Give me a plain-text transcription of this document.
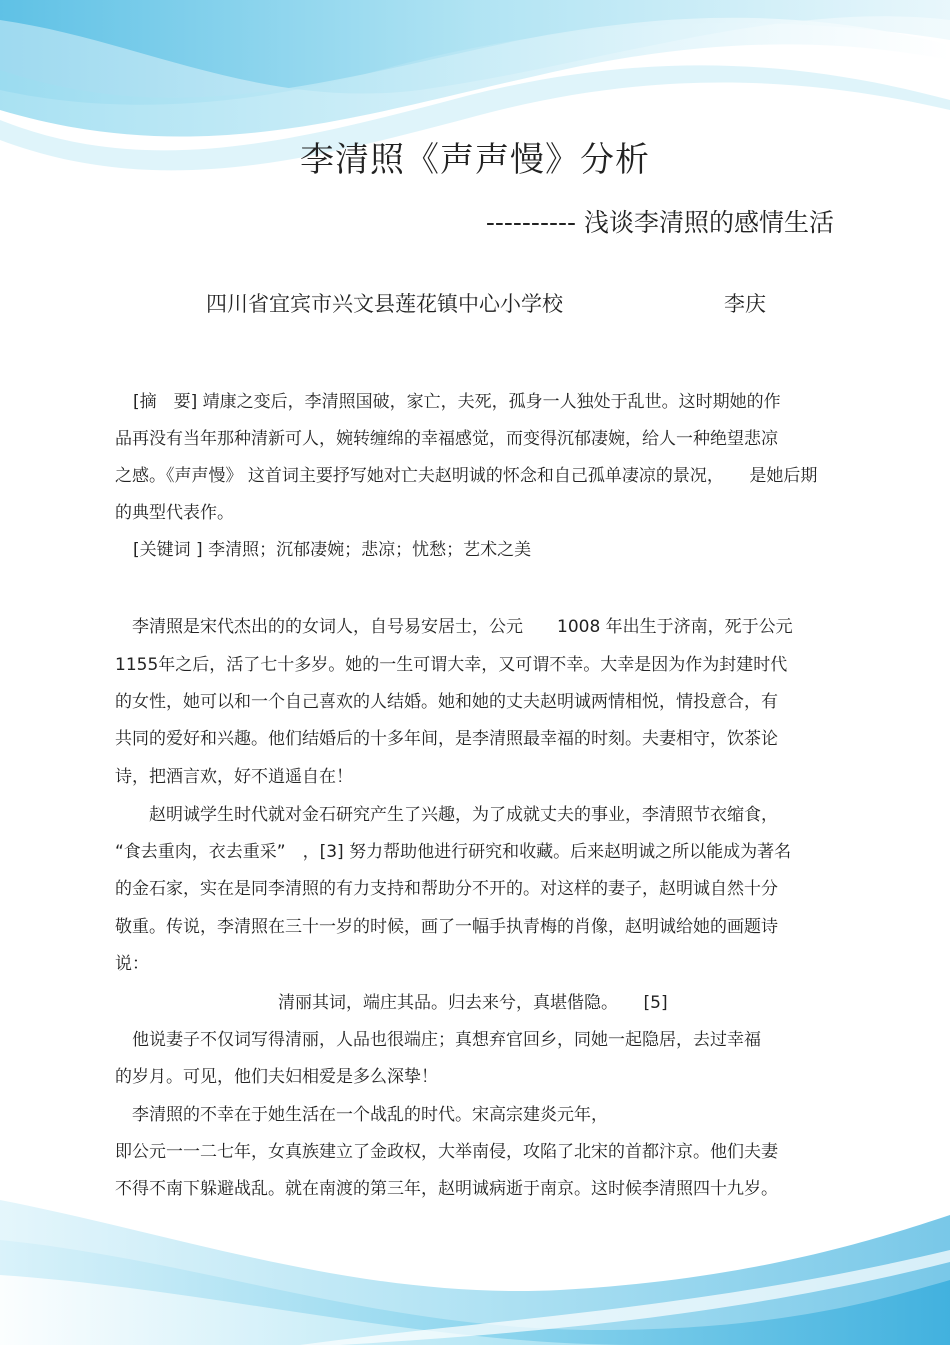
李清照《声声慢》分析
---------- 浅谈李清照的感情生活
四川省宜宾市兴文县莲花镇中心小学校	李庆
[摘　要] 靖康之变后，李清照国破，家亡，夫死，孤身一人独处于乱世。这时期她的作
品再没有当年那种清新可人，婉转缠绵的幸福感觉，而变得沉郁凄婉，给人一种绝望悲凉
之感。《声声慢》 这首词主要抒写她对亡夫赵明诚的怀念和自己孤单凄凉的景况，　　是她后期
的典型代表作。
[关键词 ] 李清照；沉郁凄婉；悲凉；忧愁；艺术之美
　李清照是宋代杰出的的女词人，自号易安居士，公元　　1008 年出生于济南，死于公元
1155年之后，活了七十多岁。她的一生可谓大幸，又可谓不幸。大幸是因为作为封建时代
的女性，她可以和一个自己喜欢的人结婚。她和她的丈夫赵明诚两情相悦，情投意合，有
共同的爱好和兴趣。他们结婚后的十多年间，是李清照最幸福的时刻。夫妻相守，饮茶论
诗，把酒言欢，好不逍遥自在！
　　赵明诚学生时代就对金石研究产生了兴趣，为了成就丈夫的事业，李清照节衣缩食，
“食去重肉，衣去重采”　，[3] 努力帮助他进行研究和收藏。后来赵明诚之所以能成为著名
的金石家，实在是同李清照的有力支持和帮助分不开的。对这样的妻子，赵明诚自然十分
敬重。传说，李清照在三十一岁的时候，画了一幅手执青梅的肖像，赵明诚给她的画题诗
说：
清丽其词，端庄其品。归去来兮，真堪偕隐。　　[5]
　他说妻子不仅词写得清丽，人品也很端庄；真想弃官回乡，同她一起隐居，去过幸福
的岁月。可见，他们夫妇相爱是多么深挚！
　李清照的不幸在于她生活在一个战乱的时代。宋高宗建炎元年，
即公元一一二七年，女真族建立了金政权，大举南侵，攻陷了北宋的首都汴京。他们夫妻
不得不南下躲避战乱。就在南渡的第三年，赵明诚病逝于南京。这时候李清照四十九岁。
